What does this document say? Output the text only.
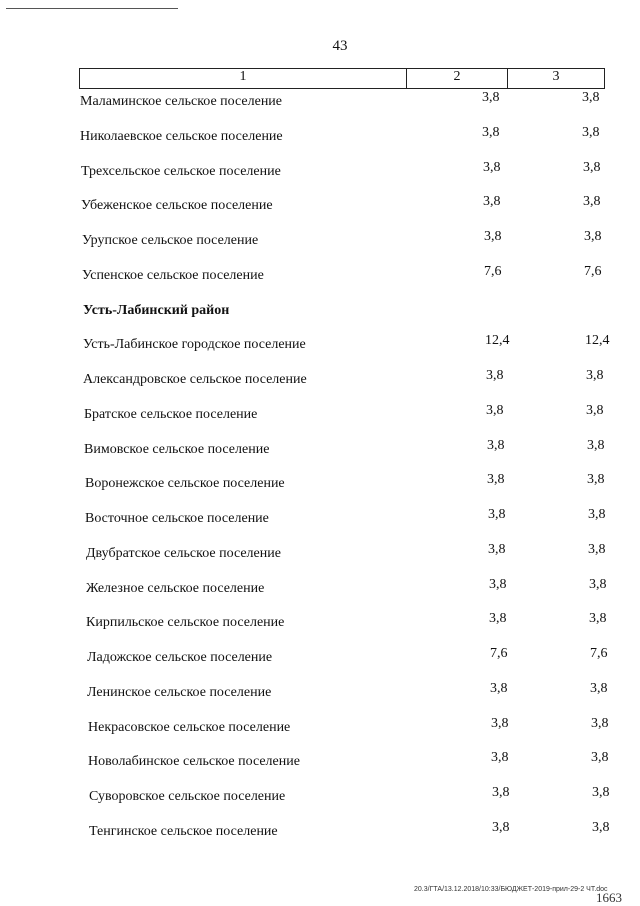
43
1	2	3
Маламинское сельское поселение	3,8	3,8
Николаевское сельское поселение	3,8	3,8
Трехсельское сельское поселение	3,8	3,8
Убеженское сельское поселение	3,8	3,8
Урупское сельское поселение	3,8	3,8
Успенское сельское поселение	7,6	7,6
Усть-Лабинский район
Усть-Лабинское городское поселение	12,4	12,4
Александровское сельское поселение	3,8	3,8
Братское сельское поселение	3,8	3,8
Вимовское сельское поселение	3,8	3,8
Воронежское сельское поселение	3,8	3,8
Восточное сельское поселение	3,8	3,8
Двубратское сельское поселение	3,8	3,8
Железное сельское поселение	3,8	3,8
Кирпильское сельское поселение	3,8	3,8
Ладожское сельское поселение	7,6	7,6
Ленинское сельское поселение	3,8	3,8
Некрасовское сельское поселение	3,8	3,8
Новолабинское сельское поселение	3,8	3,8
Суворовское сельское поселение	3,8	3,8
Тенгинское сельское поселение	3,8	3,8
20.3/ГТА/13.12.2018/10:33/БЮДЖЕТ-2019-прил-29-2 ЧТ.doc
1663
